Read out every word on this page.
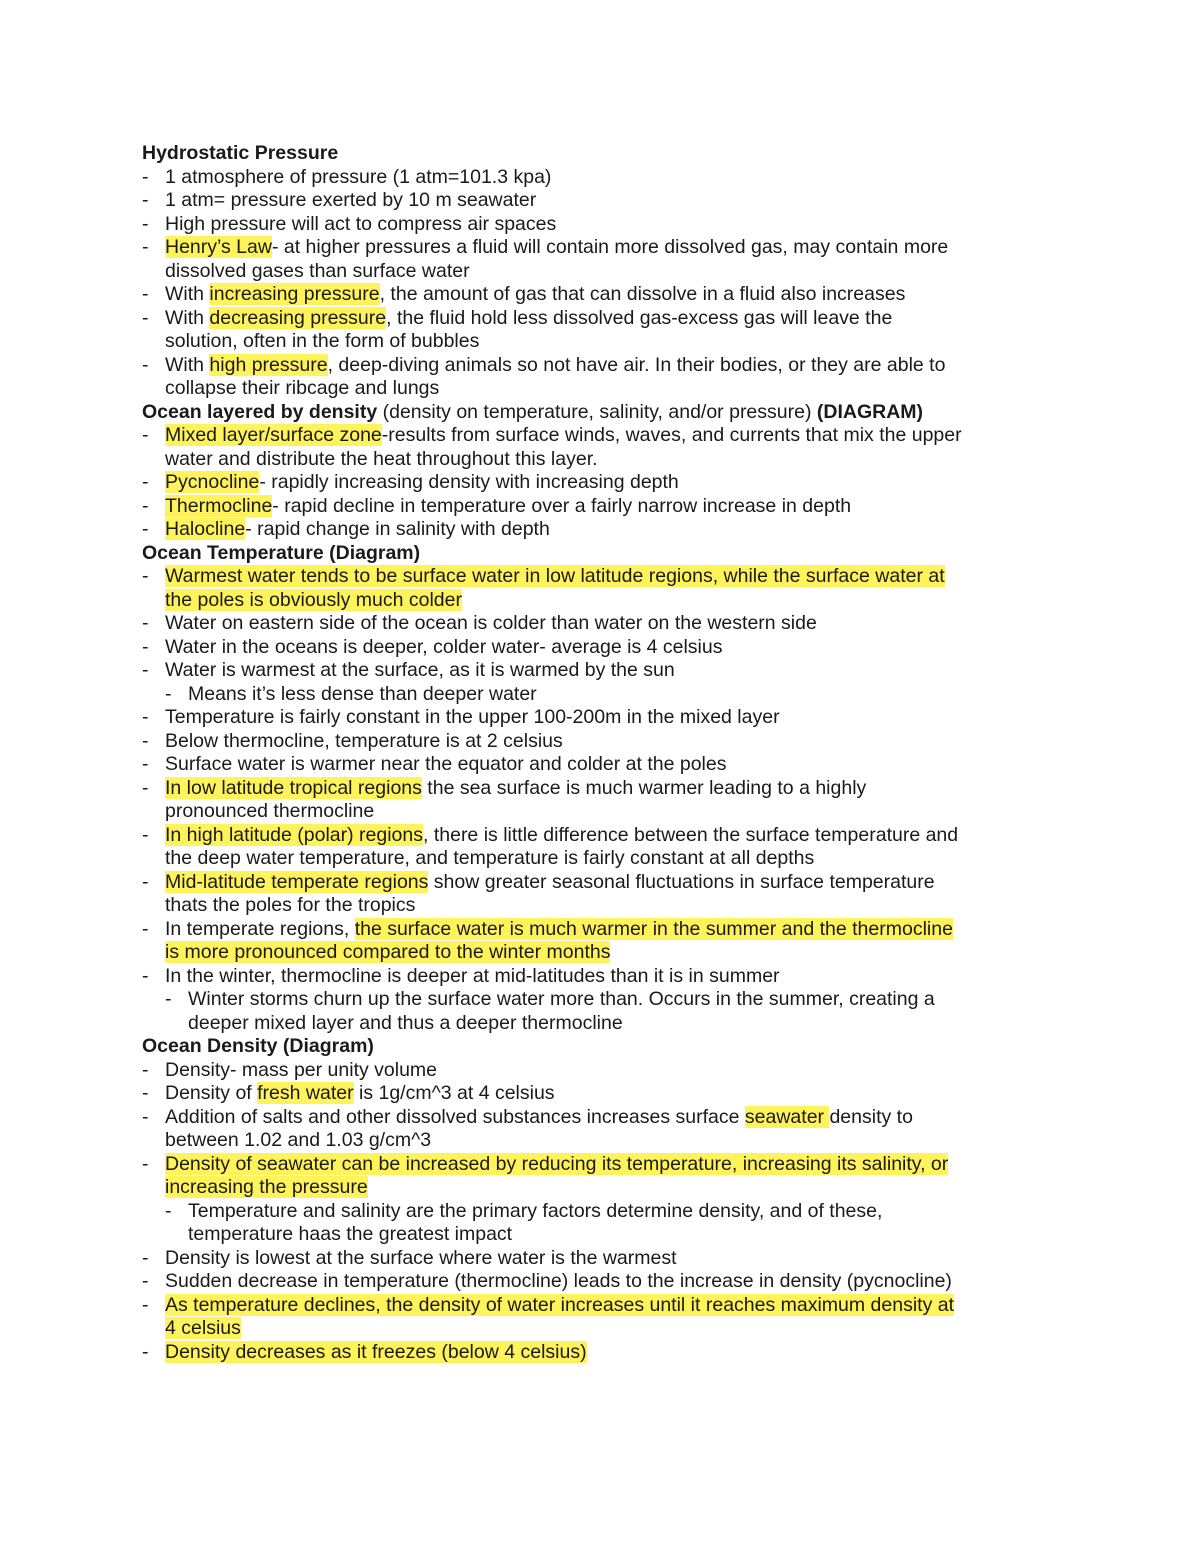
Hydrostatic Pressure
- 1 atmosphere of pressure (1 atm=101.3 kpa)
- 1 atm= pressure exerted by 10 m seawater
- High pressure will act to compress air spaces
- Henry’s Law- at higher pressures a fluid will contain more dissolved gas, may contain more
dissolved gases than surface water
- With increasing pressure, the amount of gas that can dissolve in a fluid also increases
- With decreasing pressure, the fluid hold less dissolved gas-excess gas will leave the
solution, often in the form of bubbles
- With high pressure, deep-diving animals so not have air. In their bodies, or they are able to
collapse their ribcage and lungs
Ocean layered by density (density on temperature, salinity, and/or pressure) (DIAGRAM)
- Mixed layer/surface zone-results from surface winds, waves, and currents that mix the upper
water and distribute the heat throughout this layer.
- Pycnocline- rapidly increasing density with increasing depth
- Thermocline- rapid decline in temperature over a fairly narrow increase in depth
- Halocline- rapid change in salinity with depth
Ocean Temperature (Diagram)
- Warmest water tends to be surface water in low latitude regions, while the surface water at
the poles is obviously much colder
- Water on eastern side of the ocean is colder than water on the western side
- Water in the oceans is deeper, colder water- average is 4 celsius
- Water is warmest at the surface, as it is warmed by the sun
- Means it’s less dense than deeper water
- Temperature is fairly constant in the upper 100-200m in the mixed layer
- Below thermocline, temperature is at 2 celsius
- Surface water is warmer near the equator and colder at the poles
- In low latitude tropical regions the sea surface is much warmer leading to a highly
pronounced thermocline
- In high latitude (polar) regions, there is little difference between the surface temperature and
the deep water temperature, and temperature is fairly constant at all depths
- Mid-latitude temperate regions show greater seasonal fluctuations in surface temperature
thats the poles for the tropics
- In temperate regions, the surface water is much warmer in the summer and the thermocline
is more pronounced compared to the winter months
- In the winter, thermocline is deeper at mid-latitudes than it is in summer
- Winter storms churn up the surface water more than. Occurs in the summer, creating a
deeper mixed layer and thus a deeper thermocline
Ocean Density (Diagram)
- Density- mass per unity volume
- Density of fresh water is 1g/cm^3 at 4 celsius
- Addition of salts and other dissolved substances increases surface seawater density to
between 1.02 and 1.03 g/cm^3
- Density of seawater can be increased by reducing its temperature, increasing its salinity, or
increasing the pressure
- Temperature and salinity are the primary factors determine density, and of these,
temperature haas the greatest impact
- Density is lowest at the surface where water is the warmest
- Sudden decrease in temperature (thermocline) leads to the increase in density (pycnocline)
- As temperature declines, the density of water increases until it reaches maximum density at
4 celsius
- Density decreases as it freezes (below 4 celsius)
